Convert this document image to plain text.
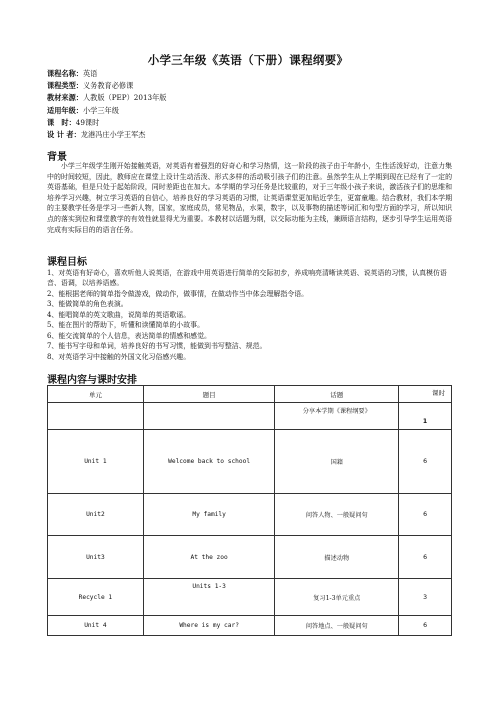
小学三年级《英语（下册）课程纲要》
课程名称： 英语
课程类型： 义务教育必修课
教材来源： 人教版（PEP）2013年版
适用年级： 小学三年级
课　时： 49课时
设 计 者： 龙港冯庄小学王军杰
背景
小学三年级学生刚开始接触英语，对英语有着强烈的好奇心和学习热情，这一阶段的孩子由于年龄小，生性活泼好动，注意力集中的时间较短，因此，教师应在课堂上设计生动活泼、形式多样的活动吸引孩子们的注意。虽然学生从上学期到现在已经有了一定的英语基础，但是只处于起始阶段，同时差距也在加大。本学期的学习任务是比较重的，对于三年级小孩子来说，激活孩子们的思维和培养学习兴趣，树立学习英语的自信心，培养良好的学习英语的习惯，让英语课堂更加贴近学生，更富童趣。结合教材，我们本学期的主要教学任务是学习一些新人物，国家，家庭成员，常见物品，水果，数字，以及事物的描述等词汇和句型方面的学习，所以知识点的落实到位和课堂教学的有效性就显得尤为重要。本教材以话题为纲，以交际功能为主线，兼顾语言结构，逐步引导学生运用英语完成有实际目的的语言任务。
课程目标
1、对英语有好奇心，喜欢听他人说英语，在游戏中用英语进行简单的交际初步，养成响亮清晰读英语、说英语的习惯，认真模仿语音、语调，以培养语感。
2、能根据老师的简单指令做游戏，做动作，做事情，在做动作当中体会理解指令语。
3、能做简单的角色表演。
4、能唱简单的英文歌曲，说简单的英语歌谣。
5、能在图片的帮助下，听懂和读懂简单的小故事。
6、能交流简单的个人信息，表达简单的情感和感觉。
7、能书写字母和单词，培养良好的书写习惯，能做到书写整洁、规范。
8、对英语学习中接触的外国文化习俗感兴趣。
课程内容与课时安排
单元	题目	话题	课时

		分享本学期《课程纲要》	1
Unit 1	Welcome back to school	国籍	6
Unit2	My family	问答人物、一般疑问句	6
Unit3	At the zoo	描述动物	6
Recycle 1	Units 1-3	复习1-3单元重点	3
Unit 4	Where is my car?	问答地点、一般疑问句	6
